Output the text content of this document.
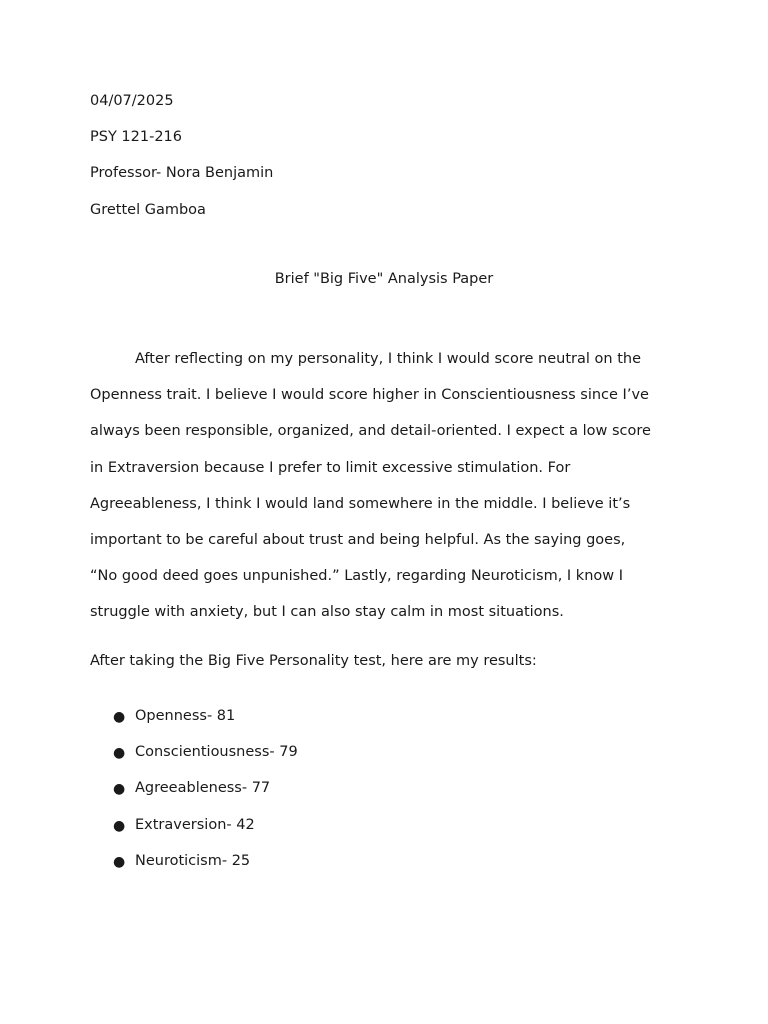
04/07/2025

PSY 121-216

Professor- Nora Benjamin

Grettel Gamboa

Brief "Big Five" Analysis Paper

After reflecting on my personality, I think I would score neutral on the
Openness trait. I believe I would score higher in Conscientiousness since I’ve
always been responsible, organized, and detail-oriented. I expect a low score
in Extraversion because I prefer to limit excessive stimulation. For
Agreeableness, I think I would land somewhere in the middle. I believe it’s
important to be careful about trust and being helpful. As the saying goes,
“No good deed goes unpunished.” Lastly, regarding Neuroticism, I know I
struggle with anxiety, but I can also stay calm in most situations.

After taking the Big Five Personality test, here are my results:

● Openness- 81
● Conscientiousness- 79
● Agreeableness- 77
● Extraversion- 42
● Neuroticism- 25
